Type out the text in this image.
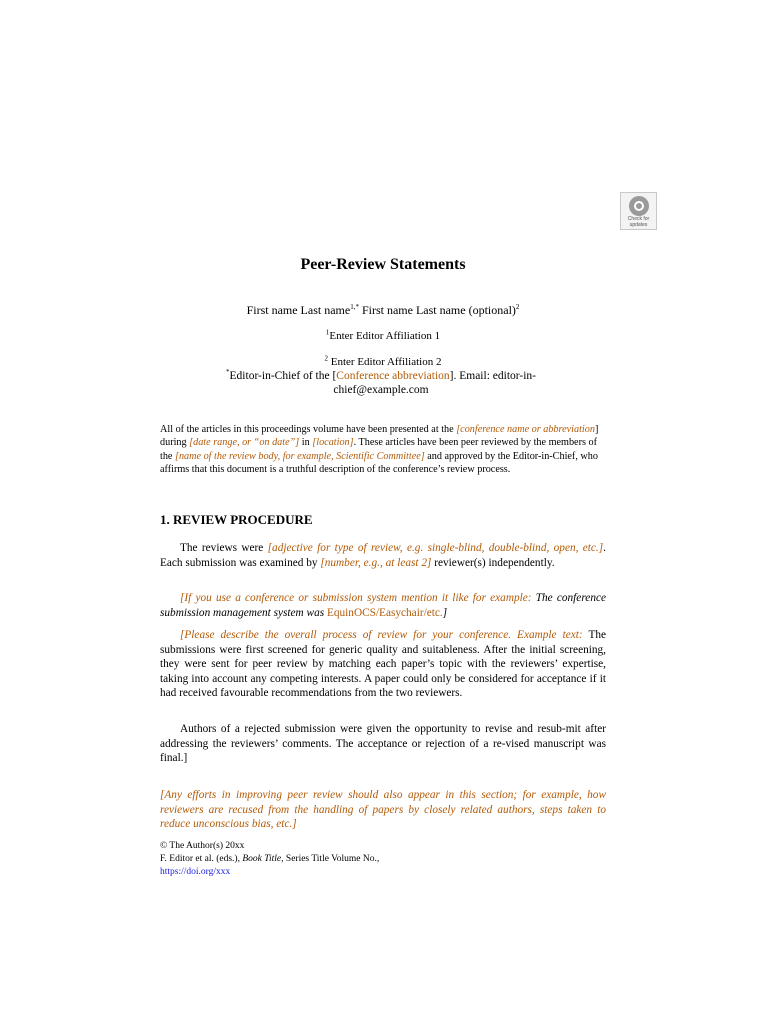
Check for
updates
Peer-Review Statements

First name Last name$^{1,*}$ First name Last name (optional)$^2$

$^1$Enter Editor Affiliation 1

$^2$ Enter Editor Affiliation 2

*Editor-in-Chief of the [Conference abbreviation]. Email: editor-in-chief@example.com

All of the articles in this proceedings volume have been presented at the [conference name or abbreviation] during [date range, or “on date”] in [location]. These articles have been peer reviewed by the members of the [name of the review body, for example, Scientific Committee] and approved by the Editor-in-Chief, who affirms that this document is a truthful description of the conference’s review process.

1. REVIEW PROCEDURE

The reviews were [adjective for type of review, e.g. single-blind, double-blind, open, etc.]. Each submission was examined by [number, e.g., at least 2] reviewer(s) independently.

[If you use a conference or submission system mention it like for example: The conference submission management system was EquinOCS/Easychair/etc.]

[Please describe the overall process of review for your conference. Example text: The submissions were first screened for generic quality and suitableness. After the initial screening, they were sent for peer review by matching each paper’s topic with the reviewers’ expertise, taking into account any competing interests. A paper could only be considered for acceptance if it had received favourable recommendations from the two reviewers.

Authors of a rejected submission were given the opportunity to revise and resub-mit after addressing the reviewers’ comments. The acceptance or rejection of a re-vised manuscript was final.]

[Any efforts in improving peer review should also appear in this section; for example, how reviewers are recused from the handling of papers by closely related authors, steps taken to reduce unconscious bias, etc.]

© The Author(s) 20xx
F. Editor et al. (eds.), Book Title, Series Title Volume No.,
https://doi.org/xxx
